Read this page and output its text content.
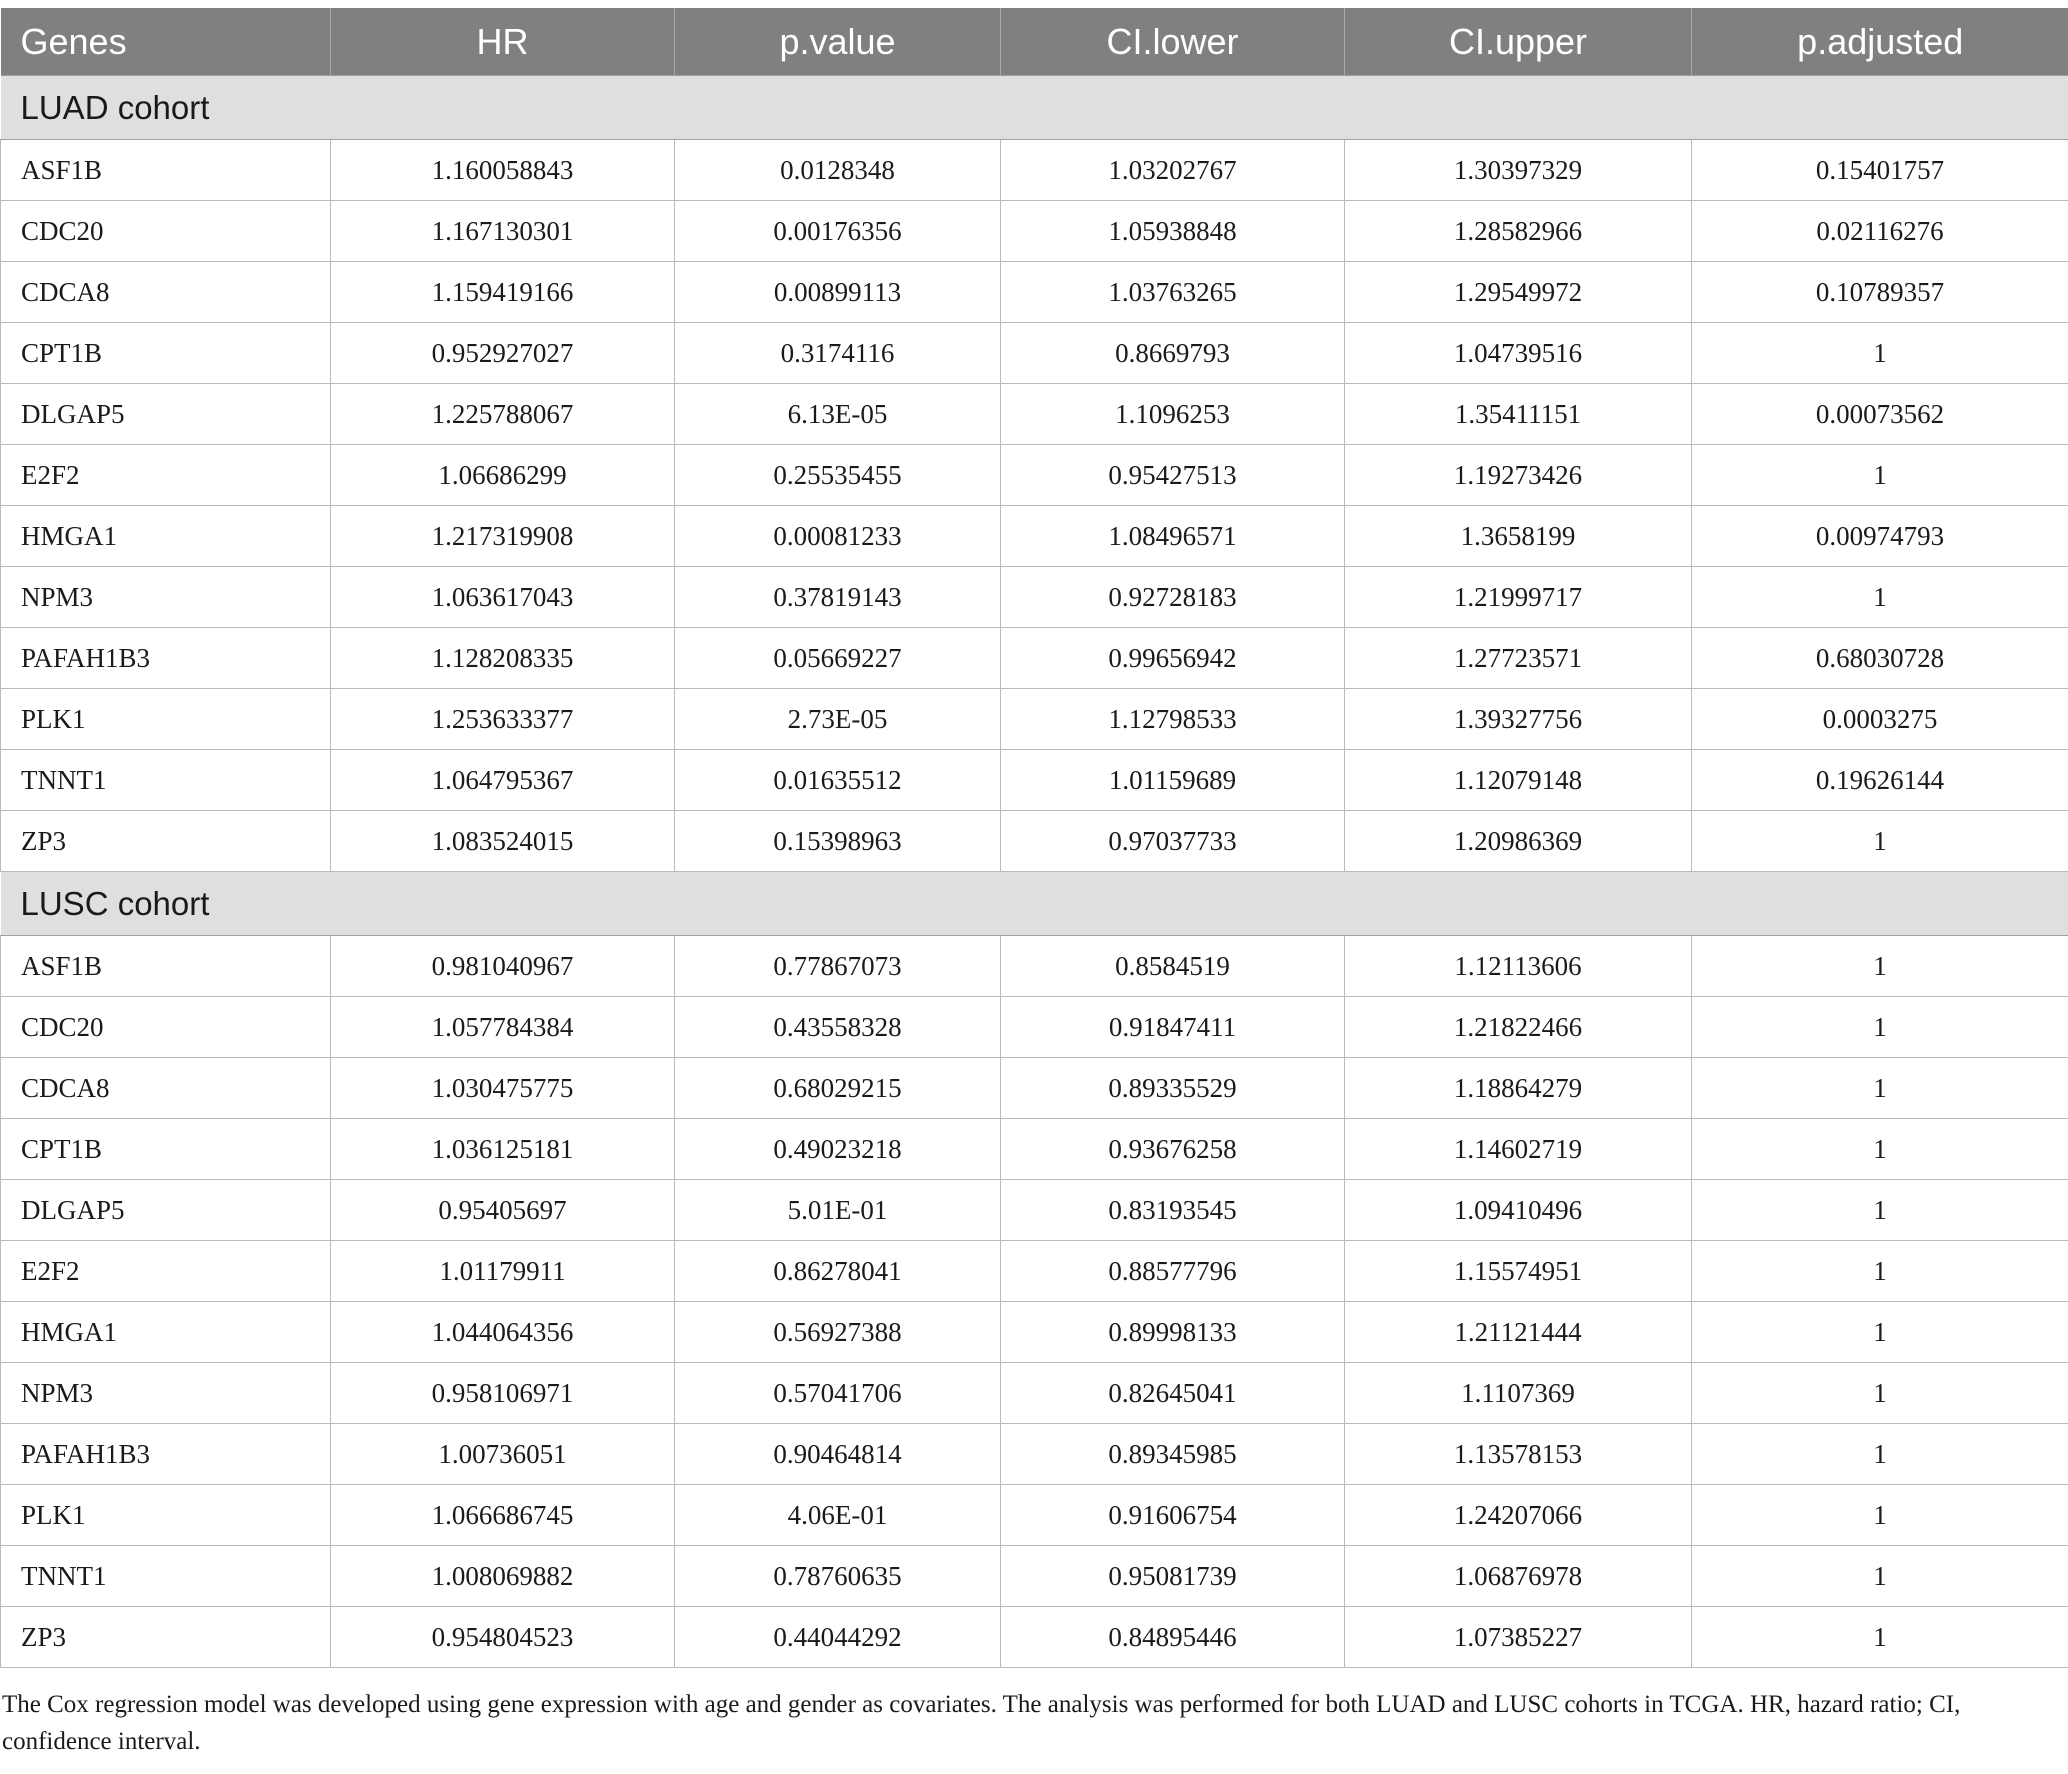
Genes	HR	p.value	CI.lower	CI.upper	p.adjusted
LUAD cohort					
ASF1B	1.160058843	0.0128348	1.03202767	1.30397329	0.15401757
CDC20	1.167130301	0.00176356	1.05938848	1.28582966	0.02116276
CDCA8	1.159419166	0.00899113	1.03763265	1.29549972	0.10789357
CPT1B	0.952927027	0.3174116	0.8669793	1.04739516	1
DLGAP5	1.225788067	6.13E-05	1.1096253	1.35411151	0.00073562
E2F2	1.06686299	0.25535455	0.95427513	1.19273426	1
HMGA1	1.217319908	0.00081233	1.08496571	1.3658199	0.00974793
NPM3	1.063617043	0.37819143	0.92728183	1.21999717	1
PAFAH1B3	1.128208335	0.05669227	0.99656942	1.27723571	0.68030728
PLK1	1.253633377	2.73E-05	1.12798533	1.39327756	0.0003275
TNNT1	1.064795367	0.01635512	1.01159689	1.12079148	0.19626144
ZP3	1.083524015	0.15398963	0.97037733	1.20986369	1
LUSC cohort					
ASF1B	0.981040967	0.77867073	0.8584519	1.12113606	1
CDC20	1.057784384	0.43558328	0.91847411	1.21822466	1
CDCA8	1.030475775	0.68029215	0.89335529	1.18864279	1
CPT1B	1.036125181	0.49023218	0.93676258	1.14602719	1
DLGAP5	0.95405697	5.01E-01	0.83193545	1.09410496	1
E2F2	1.01179911	0.86278041	0.88577796	1.15574951	1
HMGA1	1.044064356	0.56927388	0.89998133	1.21121444	1
NPM3	0.958106971	0.57041706	0.82645041	1.1107369	1
PAFAH1B3	1.00736051	0.90464814	0.89345985	1.13578153	1
PLK1	1.066686745	4.06E-01	0.91606754	1.24207066	1
TNNT1	1.008069882	0.78760635	0.95081739	1.06876978	1
ZP3	0.954804523	0.44044292	0.84895446	1.07385227	1
The Cox regression model was developed using gene expression with age and gender as covariates. The analysis was performed for both LUAD and LUSC cohorts in TCGA. HR, hazard ratio; CI, confidence interval.
